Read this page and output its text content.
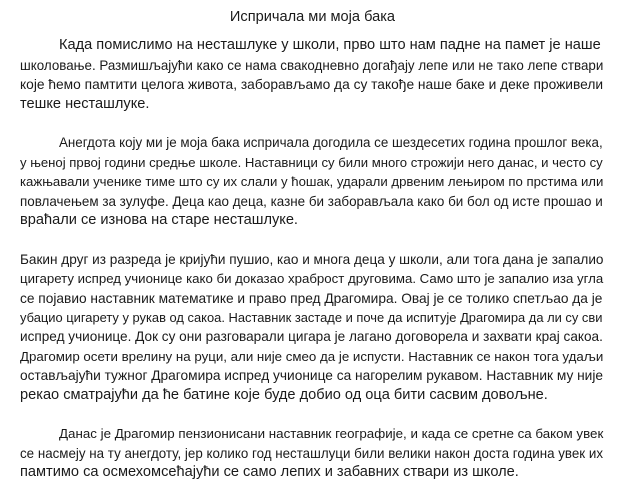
Испричала ми моја бака
Када помислимо на несташлуке у школи, прво што нам падне на памет је наше
школовање. Размишљајући како се нама свакодневно догађају лепе или не тако лепе ствари
које ћемо памтити целога живота, заборављамо да су такође наше баке и деке проживели
тешке несташлуке.
Анегдота коју ми је моја бака испричала догодила се шездесетих година прошлог века,
у њеној првој години средње школе. Наставници су били много строжији него данас, и често су
кажњавали ученике тиме што су их слали у ћошак, ударали дрвеним лењиром по прстима или
повлачењем за зулуфе. Деца као деца, казне би заборављала како би бол од исте прошао и
враћали се изнова на старе несташлуке.
Бакин друг из разреда је кријући пушио, као и многа деца у школи, али тога дана је запалио
цигарету испред учионице како би доказао храброст друговима. Само што је запалио иза угла
се појавио наставник математике и право пред Драгомира. Овај је се толико спетљао да је
убацио цигарету у рукав од сакоа. Наставник застаде и поче да испитује Драгомира да ли су сви
испред учионице. Док су они разговарали цигара је лагано договорела и захвати крај сакоа.
Драгомир осети врелину на руци, али није смео да је испусти. Наставник се након тога удаљи
остављајући тужног Драгомира испред учионице са нагорелим рукавом. Наставник му није
рекао сматрајући да ће батине које буде добио од оца бити сасвим довољне.
Данас је Драгомир пензионисани наставник географије, и када се сретне са баком увек
се насмеју на ту анегдоту, јер колико год несташлуци били велики након доста година увек их
памтимо са осмехомсећајући се само лепих и забавних ствари из школе.
